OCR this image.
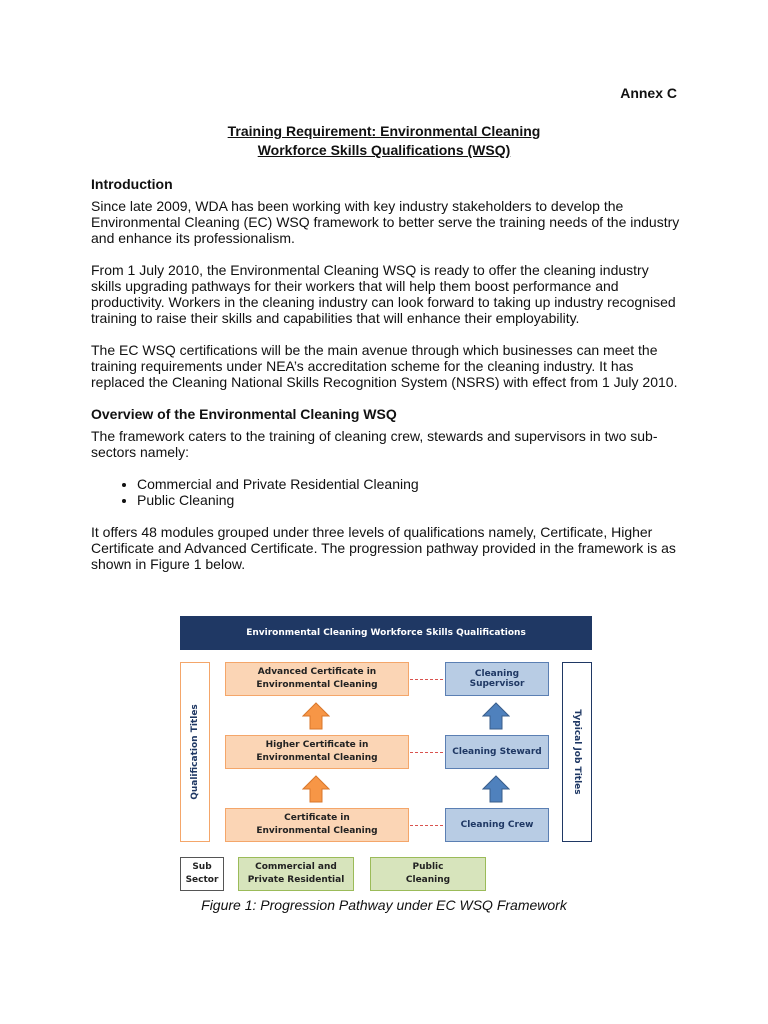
Annex C
Training Requirement: Environmental Cleaning
Workforce Skills Qualifications (WSQ)
Introduction

Since late 2009, WDA has been working with key industry stakeholders to develop the Environmental Cleaning (EC) WSQ framework to better serve the training needs of the industry and enhance its professionalism.

From 1 July 2010, the Environmental Cleaning WSQ is ready to offer the cleaning industry skills upgrading pathways for their workers that will help them boost performance and productivity. Workers in the cleaning industry can look forward to taking up industry recognised training to raise their skills and capabilities that will enhance their employability.

The EC WSQ certifications will be the main avenue through which businesses can meet the training requirements under NEA’s accreditation scheme for the cleaning industry. It has replaced the Cleaning National Skills Recognition System (NSRS) with effect from 1 July 2010.

Overview of the Environmental Cleaning WSQ

The framework caters to the training of cleaning crew, stewards and supervisors in two sub-sectors namely:

• Commercial and Private Residential Cleaning
• Public Cleaning

It offers 48 modules grouped under three levels of qualifications namely, Certificate, Higher Certificate and Advanced Certificate. The progression pathway provided in the framework is as shown in Figure 1 below.

Environmental Cleaning Workforce Skills Qualifications
Qualification Titles	Typical Job Titles
Advanced Certificate in
Environmental Cleaning
Higher Certificate in
Environmental Cleaning
Certificate in
Environmental Cleaning
Cleaning Supervisor
Cleaning Steward
Cleaning Crew
Sub
Sector
Commercial and
Private Residential
Public
Cleaning
Figure 1: Progression Pathway under EC WSQ Framework
